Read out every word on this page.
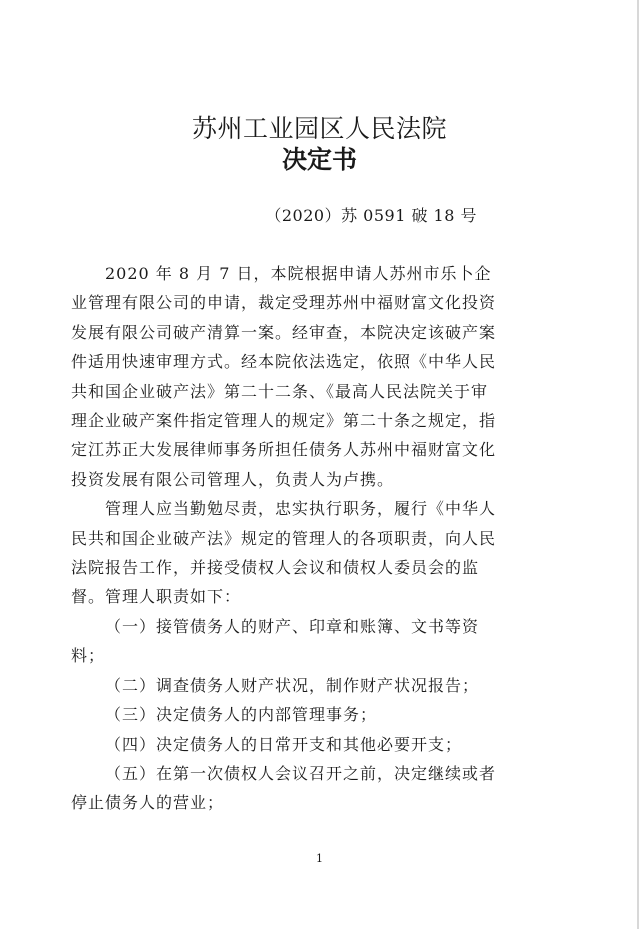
苏州工业园区人民法院
决定书
（2020）苏 0591 破 18 号

2020 年 8 月 7 日，本院根据申请人苏州市乐卜企业管理有限公司的申请，裁定受理苏州中福财富文化投资发展有限公司破产清算一案。经审查，本院决定该破产案件适用快速审理方式。经本院依法选定，依照《中华人民共和国企业破产法》第二十二条、《最高人民法院关于审理企业破产案件指定管理人的规定》第二十条之规定，指定江苏正大发展律师事务所担任债务人苏州中福财富文化投资发展有限公司管理人，负责人为卢携。

管理人应当勤勉尽责，忠实执行职务，履行《中华人民共和国企业破产法》规定的管理人的各项职责，向人民法院报告工作，并接受债权人会议和债权人委员会的监督。管理人职责如下：

（一）接管债务人的财产、印章和账簿、文书等资料；

（二）调查债务人财产状况，制作财产状况报告；

（三）决定债务人的内部管理事务；

（四）决定债务人的日常开支和其他必要开支；

（五）在第一次债权人会议召开之前，决定继续或者停止债务人的营业；

1
